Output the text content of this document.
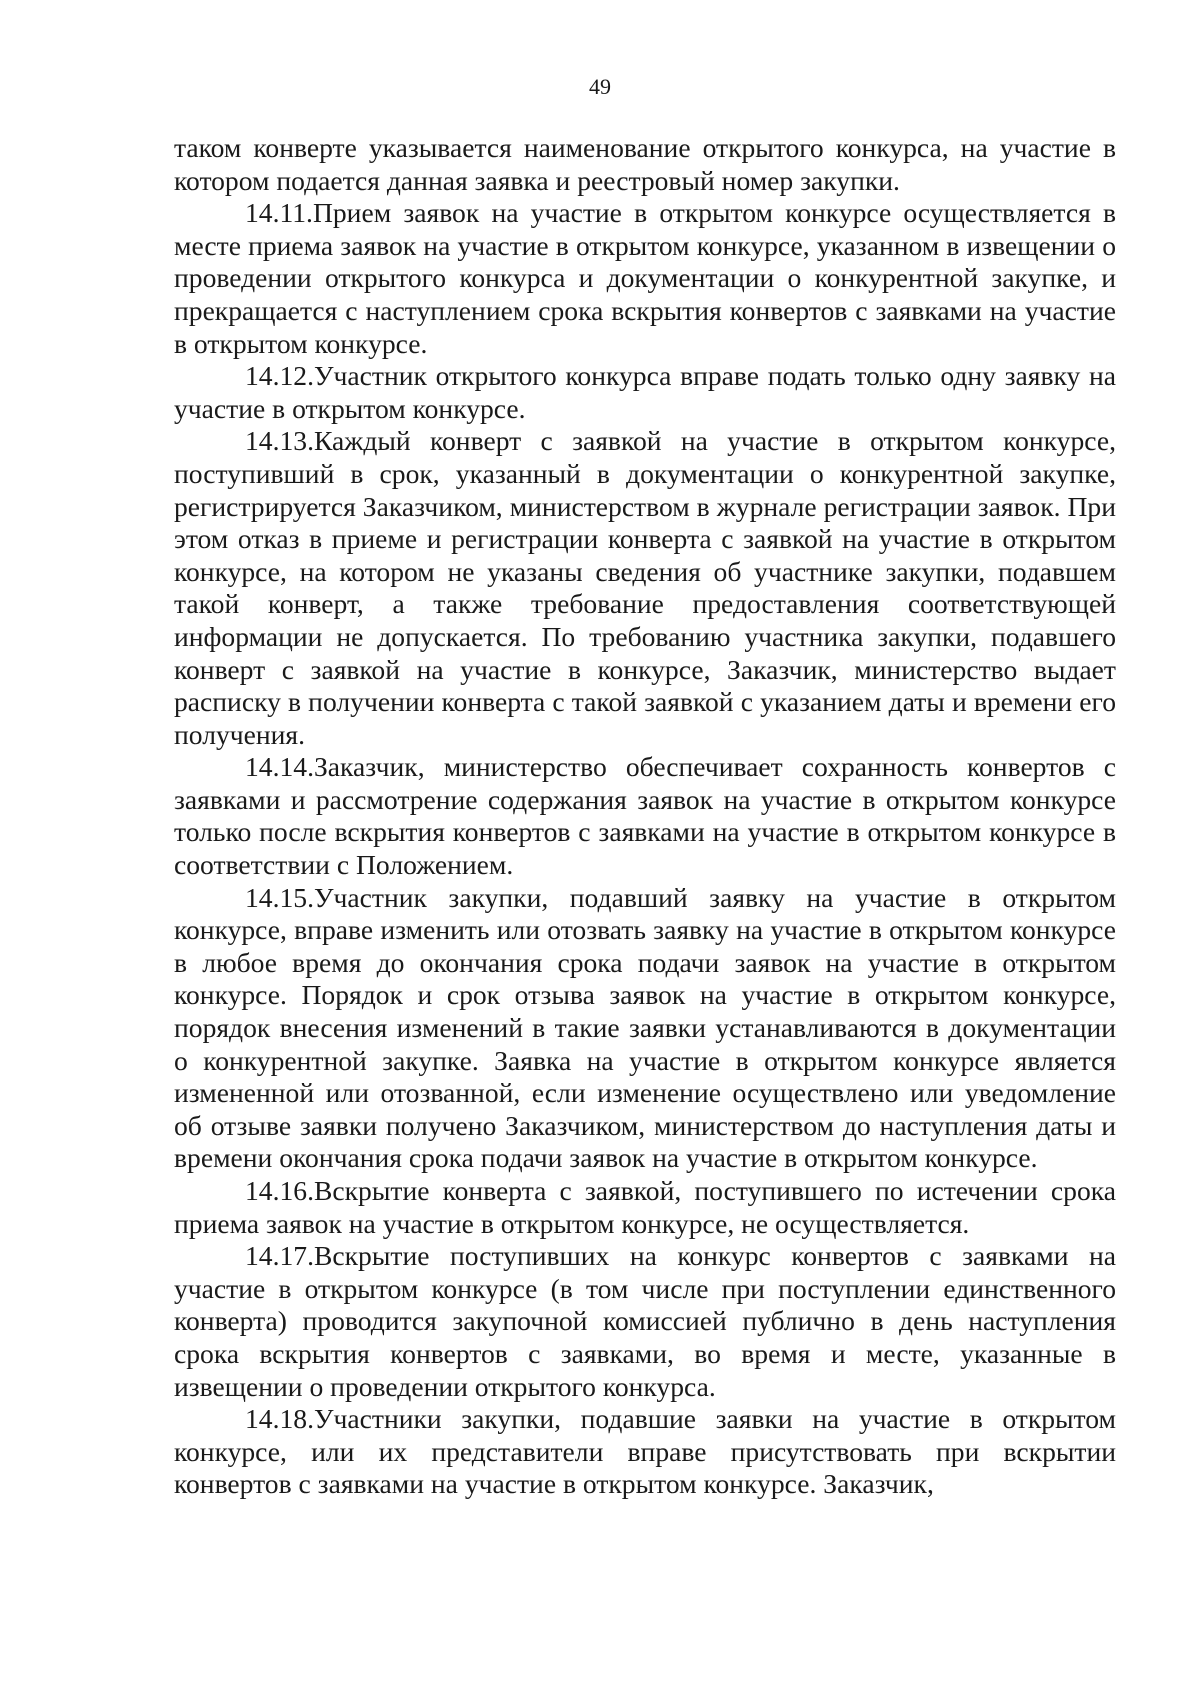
49

таком конверте указывается наименование открытого конкурса, на участие в котором подается данная заявка и реестровый номер закупки.

14.11.Прием заявок на участие в открытом конкурсе осуществляется в месте приема заявок на участие в открытом конкурсе, указанном в извещении о проведении открытого конкурса и документации о конкурентной закупке, и прекращается с наступлением срока вскрытия конвертов с заявками на участие в открытом конкурсе.

14.12.Участник открытого конкурса вправе подать только одну заявку на участие в открытом конкурсе.

14.13.Каждый конверт с заявкой на участие в открытом конкурсе, поступивший в срок, указанный в документации о конкурентной закупке, регистрируется Заказчиком, министерством в журнале регистрации заявок. При этом отказ в приеме и регистрации конверта с заявкой на участие в открытом конкурсе, на котором не указаны сведения об участнике закупки, подавшем такой конверт, а также требование предоставления соответствующей информации не допускается. По требованию участника закупки, подавшего конверт с заявкой на участие в конкурсе, Заказчик, министерство выдает расписку в получении конверта с такой заявкой с указанием даты и времени его получения.

14.14.Заказчик, министерство обеспечивает сохранность конвертов с заявками и рассмотрение содержания заявок на участие в открытом конкурсе только после вскрытия конвертов с заявками на участие в открытом конкурсе в соответствии с Положением.

14.15.Участник закупки, подавший заявку на участие в открытом конкурсе, вправе изменить или отозвать заявку на участие в открытом конкурсе в любое время до окончания срока подачи заявок на участие в открытом конкурсе. Порядок и срок отзыва заявок на участие в открытом конкурсе, порядок внесения изменений в такие заявки устанавливаются в документации о конкурентной закупке. Заявка на участие в открытом конкурсе является измененной или отозванной, если изменение осуществлено или уведомление об отзыве заявки получено Заказчиком, министерством до наступления даты и времени окончания срока подачи заявок на участие в открытом конкурсе.

14.16.Вскрытие конверта с заявкой, поступившего по истечении срока приема заявок на участие в открытом конкурсе, не осуществляется.

14.17.Вскрытие поступивших на конкурс конвертов с заявками на участие в открытом конкурсе (в том числе при поступлении единственного конверта) проводится закупочной комиссией публично в день наступления срока вскрытия конвертов с заявками, во время и месте, указанные в извещении о проведении открытого конкурса.

14.18.Участники закупки, подавшие заявки на участие в открытом конкурсе, или их представители вправе присутствовать при вскрытии конвертов с заявками на участие в открытом конкурсе. Заказчик,
